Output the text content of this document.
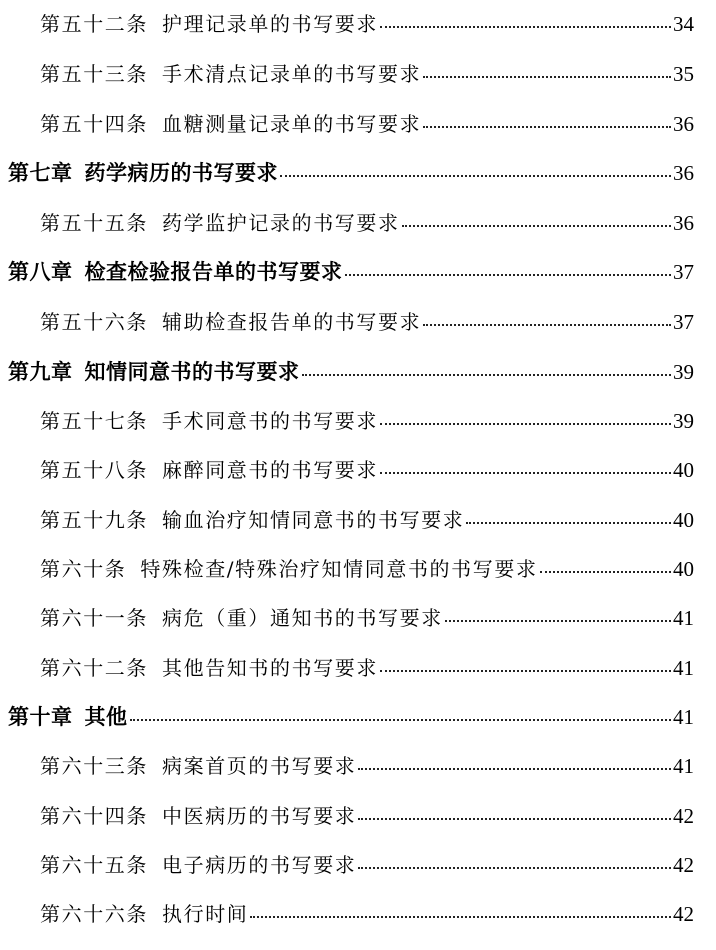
第五十二条 护理记录单的书写要求	34
第五十三条 手术清点记录单的书写要求	35
第五十四条 血糖测量记录单的书写要求	36
第七章 药学病历的书写要求	36
第五十五条 药学监护记录的书写要求	36
第八章 检查检验报告单的书写要求	37
第五十六条 辅助检查报告单的书写要求	37
第九章 知情同意书的书写要求	39
第五十七条 手术同意书的书写要求	39
第五十八条 麻醉同意书的书写要求	40
第五十九条 输血治疗知情同意书的书写要求	40
第六十条 特殊检查/特殊治疗知情同意书的书写要求	40
第六十一条 病危（重）通知书的书写要求	41
第六十二条 其他告知书的书写要求	41
第十章 其他	41
第六十三条 病案首页的书写要求	41
第六十四条 中医病历的书写要求	42
第六十五条 电子病历的书写要求	42
第六十六条 执行时间	42
